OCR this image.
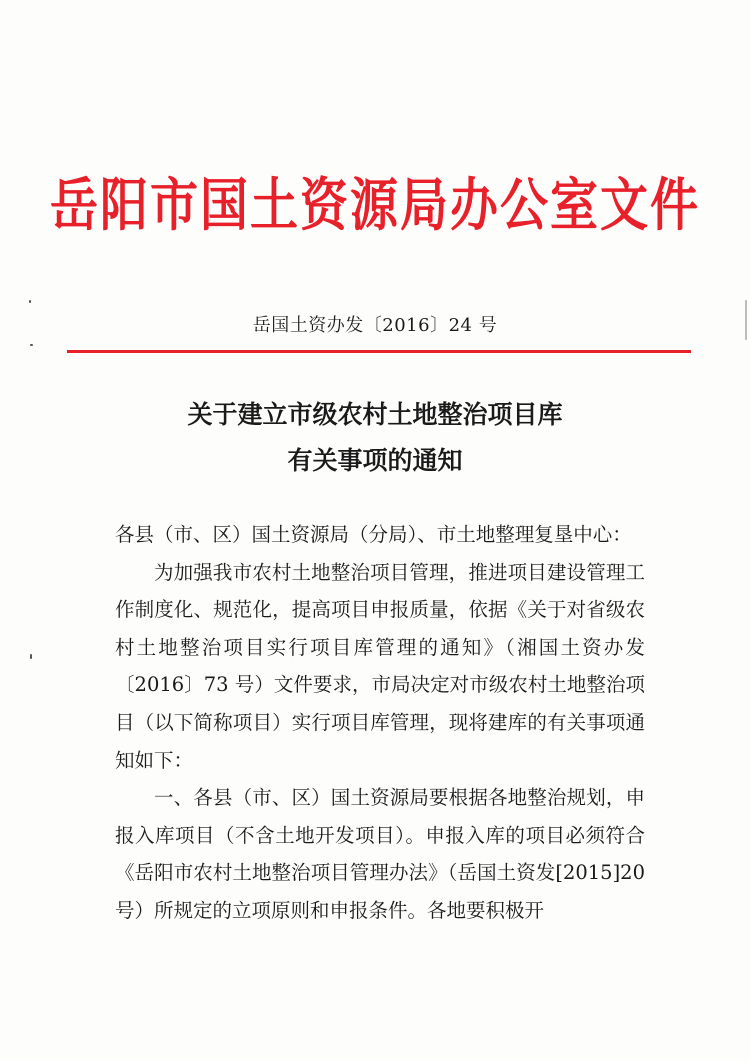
岳阳市国土资源局办公室文件
岳国土资办发〔2016〕24 号
关于建立市级农村土地整治项目库
有关事项的通知

各县（市、区）国土资源局（分局）、市土地整理复垦中心：

为加强我市农村土地整治项目管理，推进项目建设管理工作制度化、规范化，提高项目申报质量，依据《关于对省级农村土地整治项目实行项目库管理的通知》（湘国土资办发〔2016〕73 号）文件要求，市局决定对市级农村土地整治项目（以下简称项目）实行项目库管理，现将建库的有关事项通知如下：

一、各县（市、区）国土资源局要根据各地整治规划，申报入库项目（不含土地开发项目）。申报入库的项目必须符合《岳阳市农村土地整治项目管理办法》（岳国土资发[2015]20 号）所规定的立项原则和申报条件。各地要积极开
